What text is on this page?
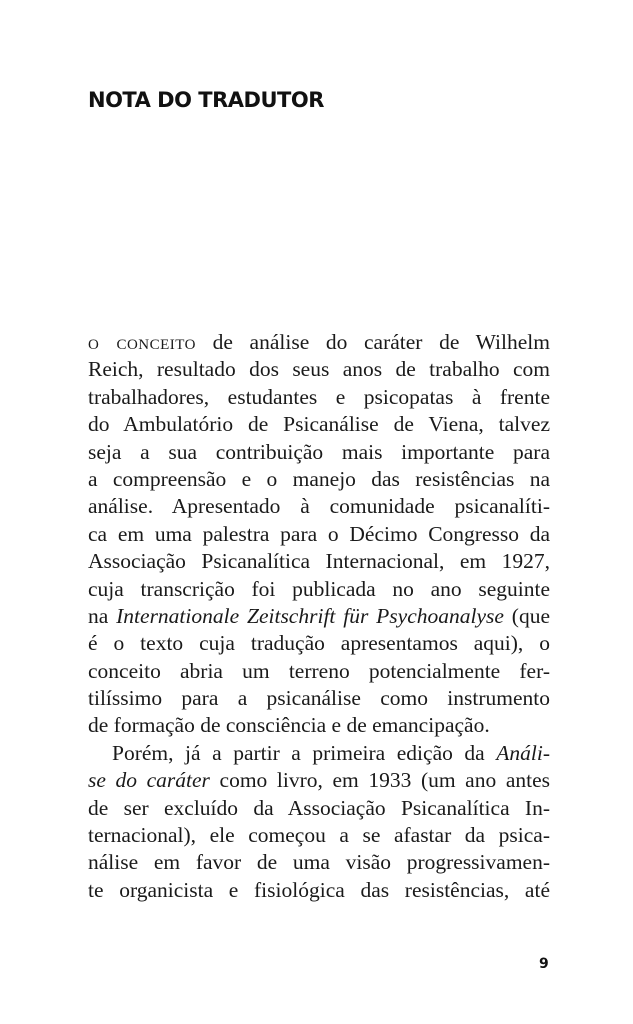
NOTA DO TRADUTOR
o conceito de análise do caráter de Wilhelm
Reich, resultado dos seus anos de trabalho com
trabalhadores, estudantes e psicopatas à frente
do Ambulatório de Psicanálise de Viena, talvez
seja a sua contribuição mais importante para
a compreensão e o manejo das resistências na
análise. Apresentado à comunidade psicanalíti-
ca em uma palestra para o Décimo Congresso da
Associação Psicanalítica Internacional, em 1927,
cuja transcrição foi publicada no ano seguinte
na Internationale Zeitschrift für Psychoanalyse (que
é o texto cuja tradução apresentamos aqui), o
conceito abria um terreno potencialmente fer-
tilíssimo para a psicanálise como instrumento
de formação de consciência e de emancipação.
Porém, já a partir a primeira edição da Análi-
se do caráter como livro, em 1933 (um ano antes
de ser excluído da Associação Psicanalítica In-
ternacional), ele começou a se afastar da psica-
nálise em favor de uma visão progressivamen-
te organicista e fisiológica das resistências, até
9
